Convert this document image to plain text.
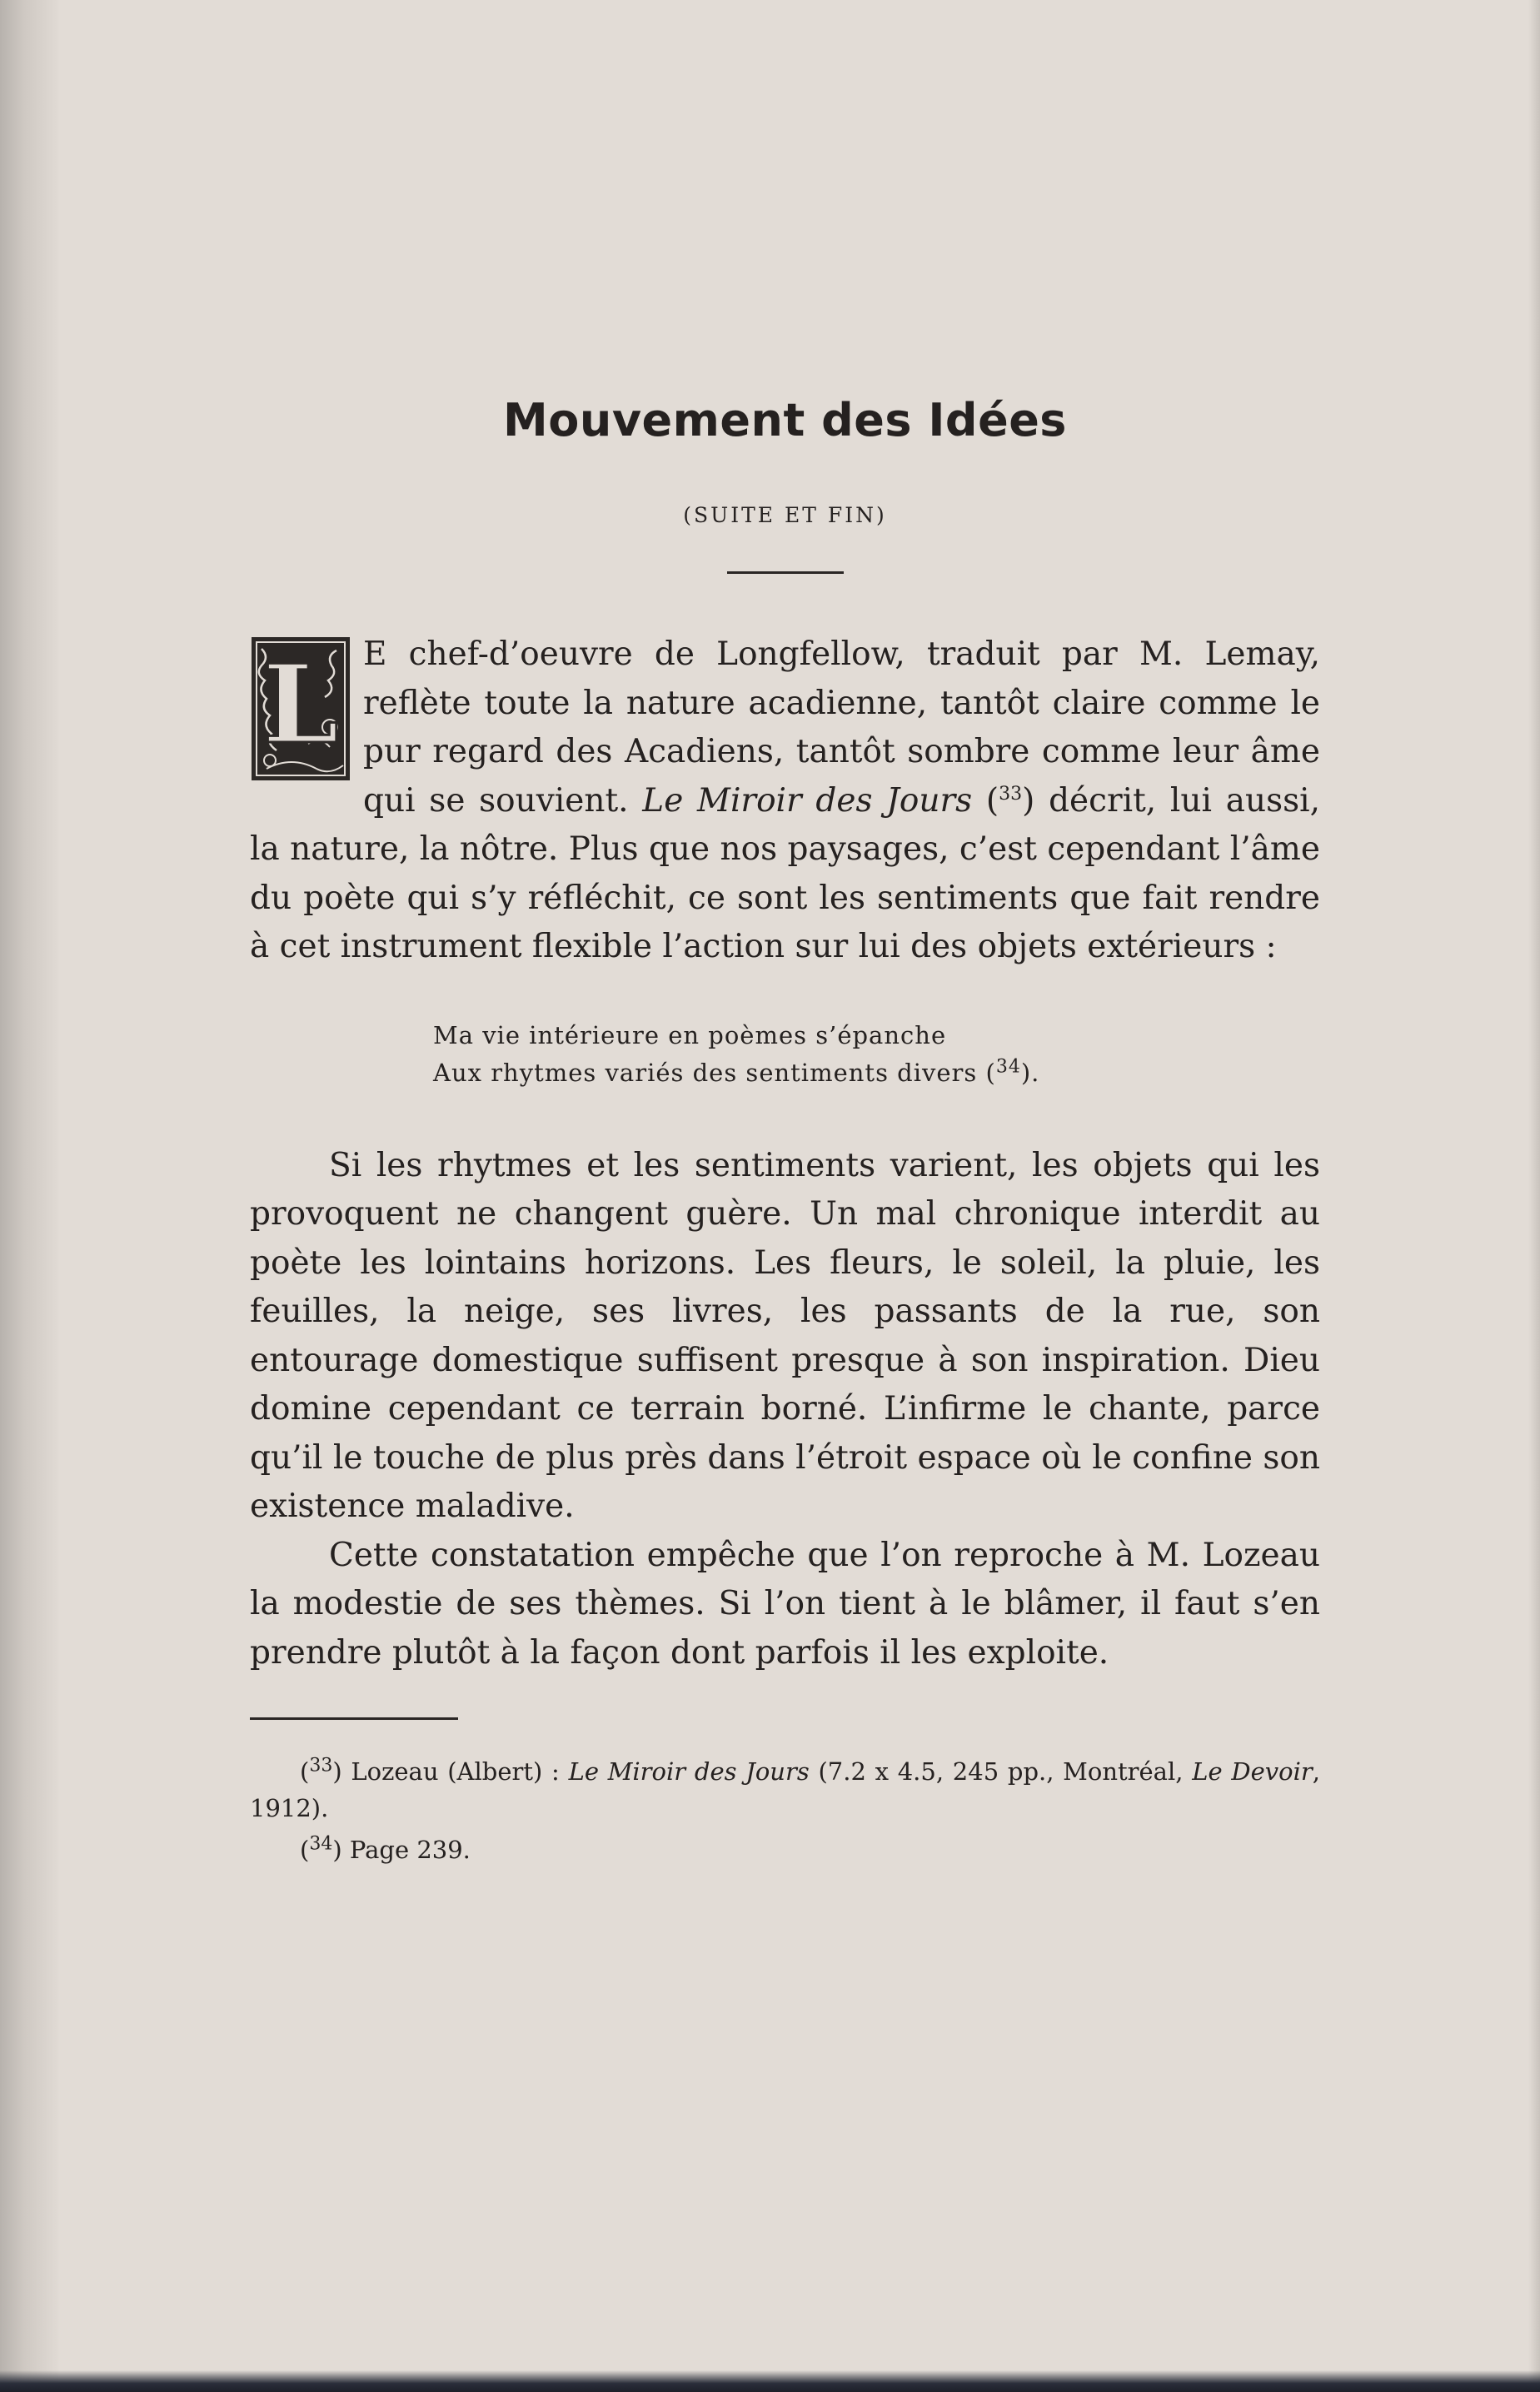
Mouvement des Idées
(SUITE ET FIN)

L E chef-d’oeuvre de Longfellow, traduit par M. Lemay, reflète toute la nature acadienne, tantôt claire comme le pur regard des Acadiens, tantôt sombre comme leur âme qui se souvient. Le Miroir des Jours ($^{33}$) décrit, lui aussi, la nature, la nôtre. Plus que nos paysages, c’est cependant l’âme du poète qui s’y réfléchit, ce sont les sentiments que fait rendre à cet instrument flexible l’action sur lui des objets extérieurs :

Ma vie intérieure en poèmes s’épanche
Aux rhytmes variés des sentiments divers ($^{34}$).

Si les rhytmes et les sentiments varient, les objets qui les provoquent ne changent guère. Un mal chronique interdit au poète les lointains horizons. Les fleurs, le soleil, la pluie, les feuilles, la neige, ses livres, les passants de la rue, son entourage domestique suffisent presque à son inspiration. Dieu domine cependant ce terrain borné. L’infirme le chante, parce qu’il le touche de plus près dans l’étroit espace où le confine son existence maladive.

Cette constatation empêche que l’on reproche à M. Lozeau la modestie de ses thèmes. Si l’on tient à le blâmer, il faut s’en prendre plutôt à la façon dont parfois il les exploite.

($^{33}$) Lozeau (Albert) : Le Miroir des Jours (7.2 x 4.5, 245 pp., Montréal, Le Devoir, 1912).

($^{34}$) Page 239.
